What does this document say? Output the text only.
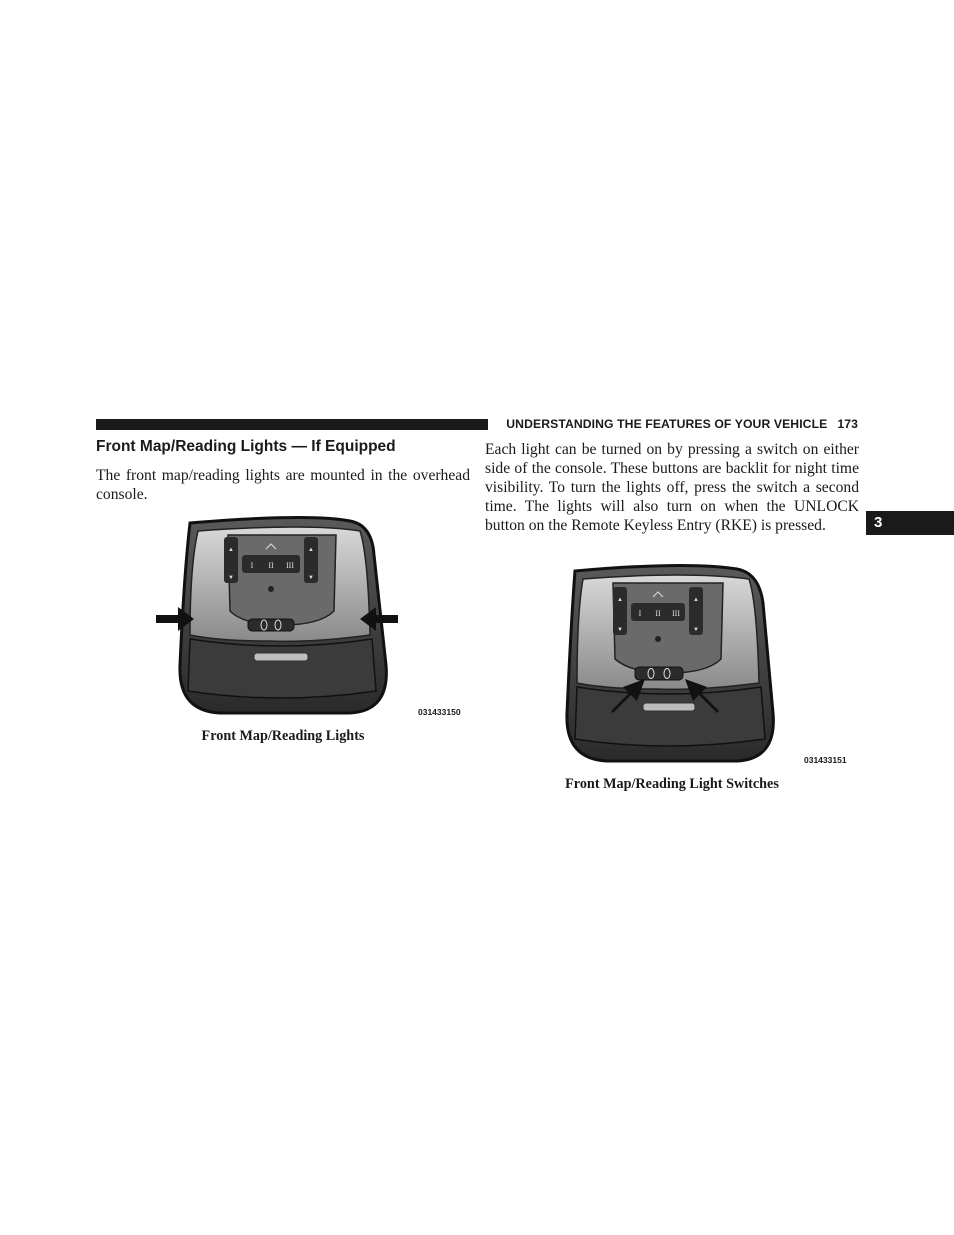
UNDERSTANDING THE FEATURES OF YOUR VEHICLE 173
3
Front Map/Reading Lights — If Equipped

The front map/reading lights are mounted in the overhead console.

Each light can be turned on by pressing a switch on either side of the console. These buttons are backlit for night time visibility. To turn the lights off, press the switch a second time. The lights will also turn on when the UNLOCK button on the Remote Keyless Entry (RKE) is pressed.

▲
▼
▲
▼
I II III
031433150

Front Map/Reading Lights

▲
▼
▲
▼
I II III
031433151

Front Map/Reading Light Switches
